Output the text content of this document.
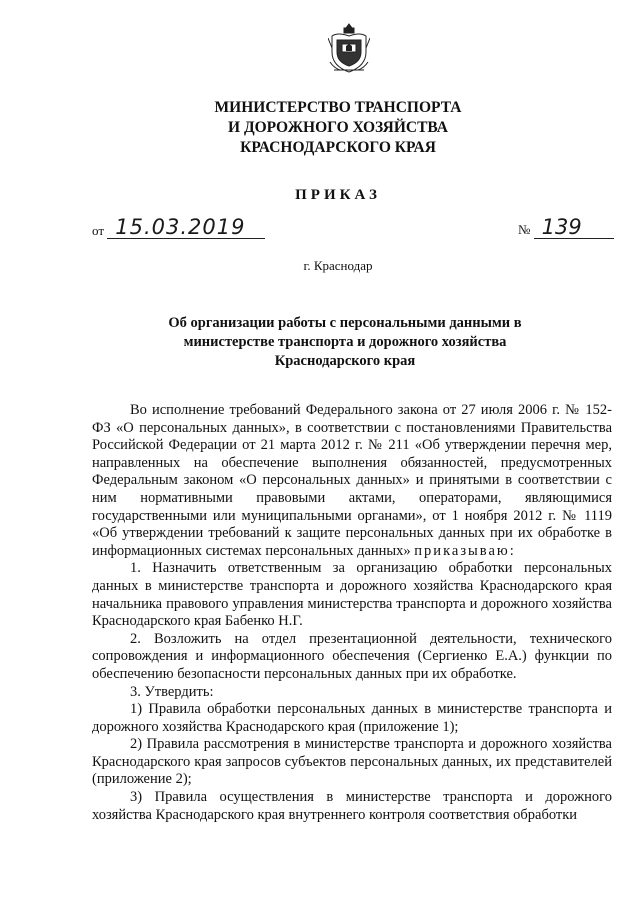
МИНИСТЕРСТВО ТРАНСПОРТА
И ДОРОЖНОГО ХОЗЯЙСТВА
КРАСНОДАРСКОГО КРАЯ
ПРИКАЗ
от 15.03.2019	№ 139
г. Краснодар
Об организации работы с персональными данными в министерстве транспорта и дорожного хозяйства Краснодарского края

Во исполнение требований Федерального закона от 27 июля 2006 г. № 152-ФЗ «О персональных данных», в соответствии с постановлениями Правительства Российской Федерации от 21 марта 2012 г. № 211 «Об утверждении перечня мер, направленных на обеспечение выполнения обязанностей, предусмотренных Федеральным законом «О персональных данных» и принятыми в соответствии с ним нормативными правовыми актами, операторами, являющимися государственными или муниципальными органами», от 1 ноября 2012 г. № 1119 «Об утверждении требований к защите персональных данных при их обработке в информационных системах персональных данных» приказываю:

1. Назначить ответственным за организацию обработки персональных данных в министерстве транспорта и дорожного хозяйства Краснодарского края начальника правового управления министерства транспорта и дорожного хозяйства Краснодарского края Бабенко Н.Г.

2. Возложить на отдел презентационной деятельности, технического сопровождения и информационного обеспечения (Сергиенко Е.А.) функции по обеспечению безопасности персональных данных при их обработке.

3. Утвердить:

1) Правила обработки персональных данных в министерстве транспорта и дорожного хозяйства Краснодарского края (приложение 1);

2) Правила рассмотрения в министерстве транспорта и дорожного хозяйства Краснодарского края запросов субъектов персональных данных, их представителей (приложение 2);

3) Правила осуществления в министерстве транспорта и дорожного хозяйства Краснодарского края внутреннего контроля соответствия обработки
